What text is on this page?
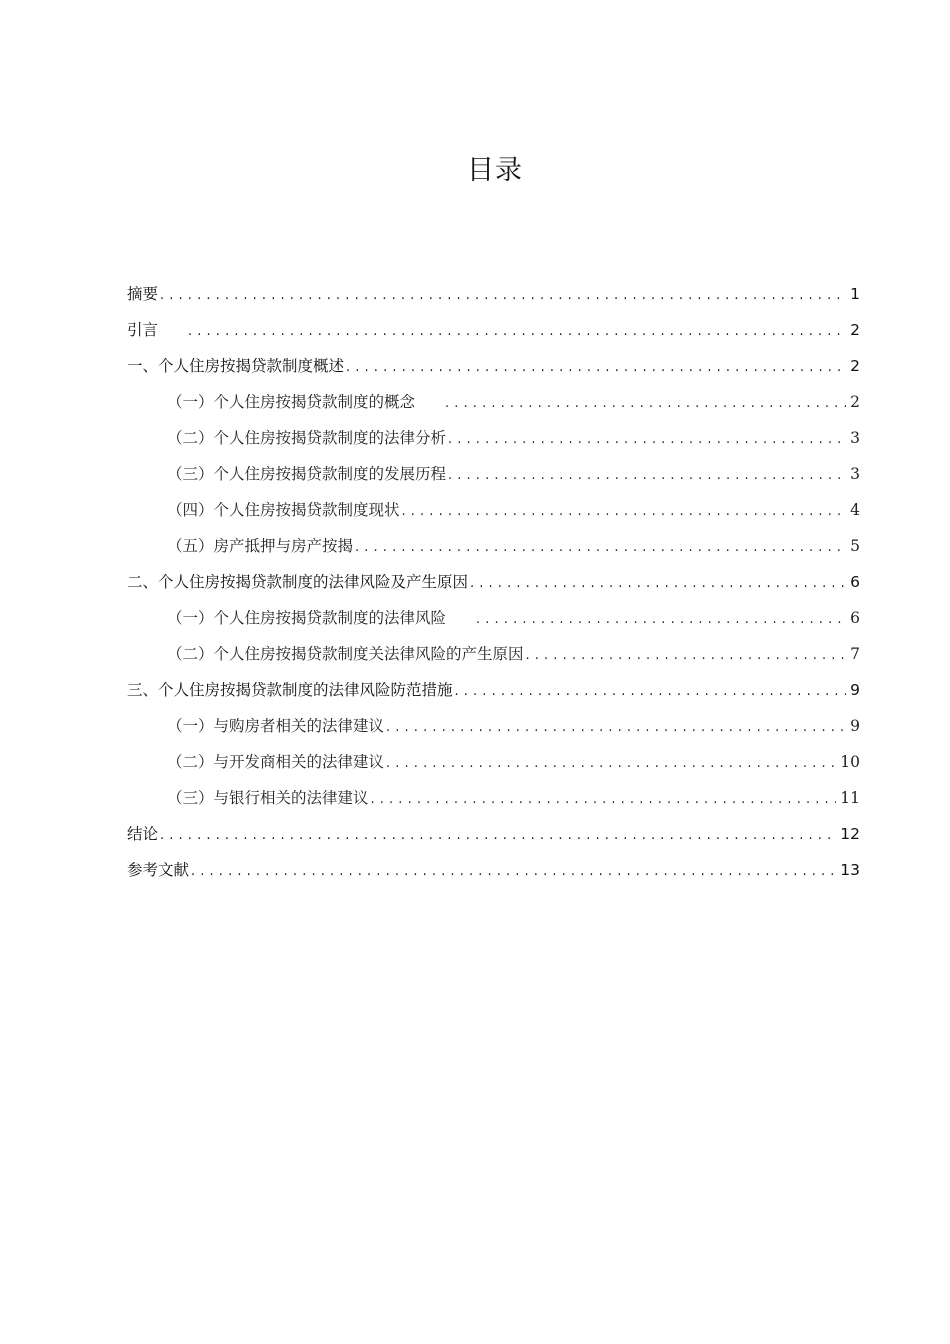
目录
摘要 . . .	1
引言 . . .	2
一、个人住房按揭贷款制度概述 . . .	2
（一）个人住房按揭贷款制度的概念 . . .	2
（二）个人住房按揭贷款制度的法律分析 . . .	3
（三）个人住房按揭贷款制度的发展历程 . . .	3
（四）个人住房按揭贷款制度现状 . . .	4
（五）房产抵押与房产按揭 . . .	5
二、个人住房按揭贷款制度的法律风险及产生原因 . . .	6
（一）个人住房按揭贷款制度的法律风险 . . .	6
（二）个人住房按揭贷款制度关法律风险的产生原因 . . .	7
三、个人住房按揭贷款制度的法律风险防范措施 . . .	9
（一）与购房者相关的法律建议 . . .	9
（二）与开发商相关的法律建议 . . .	10
（三）与银行相关的法律建议 . . .	11
结论 . . .	12
参考文献 . . .	13
